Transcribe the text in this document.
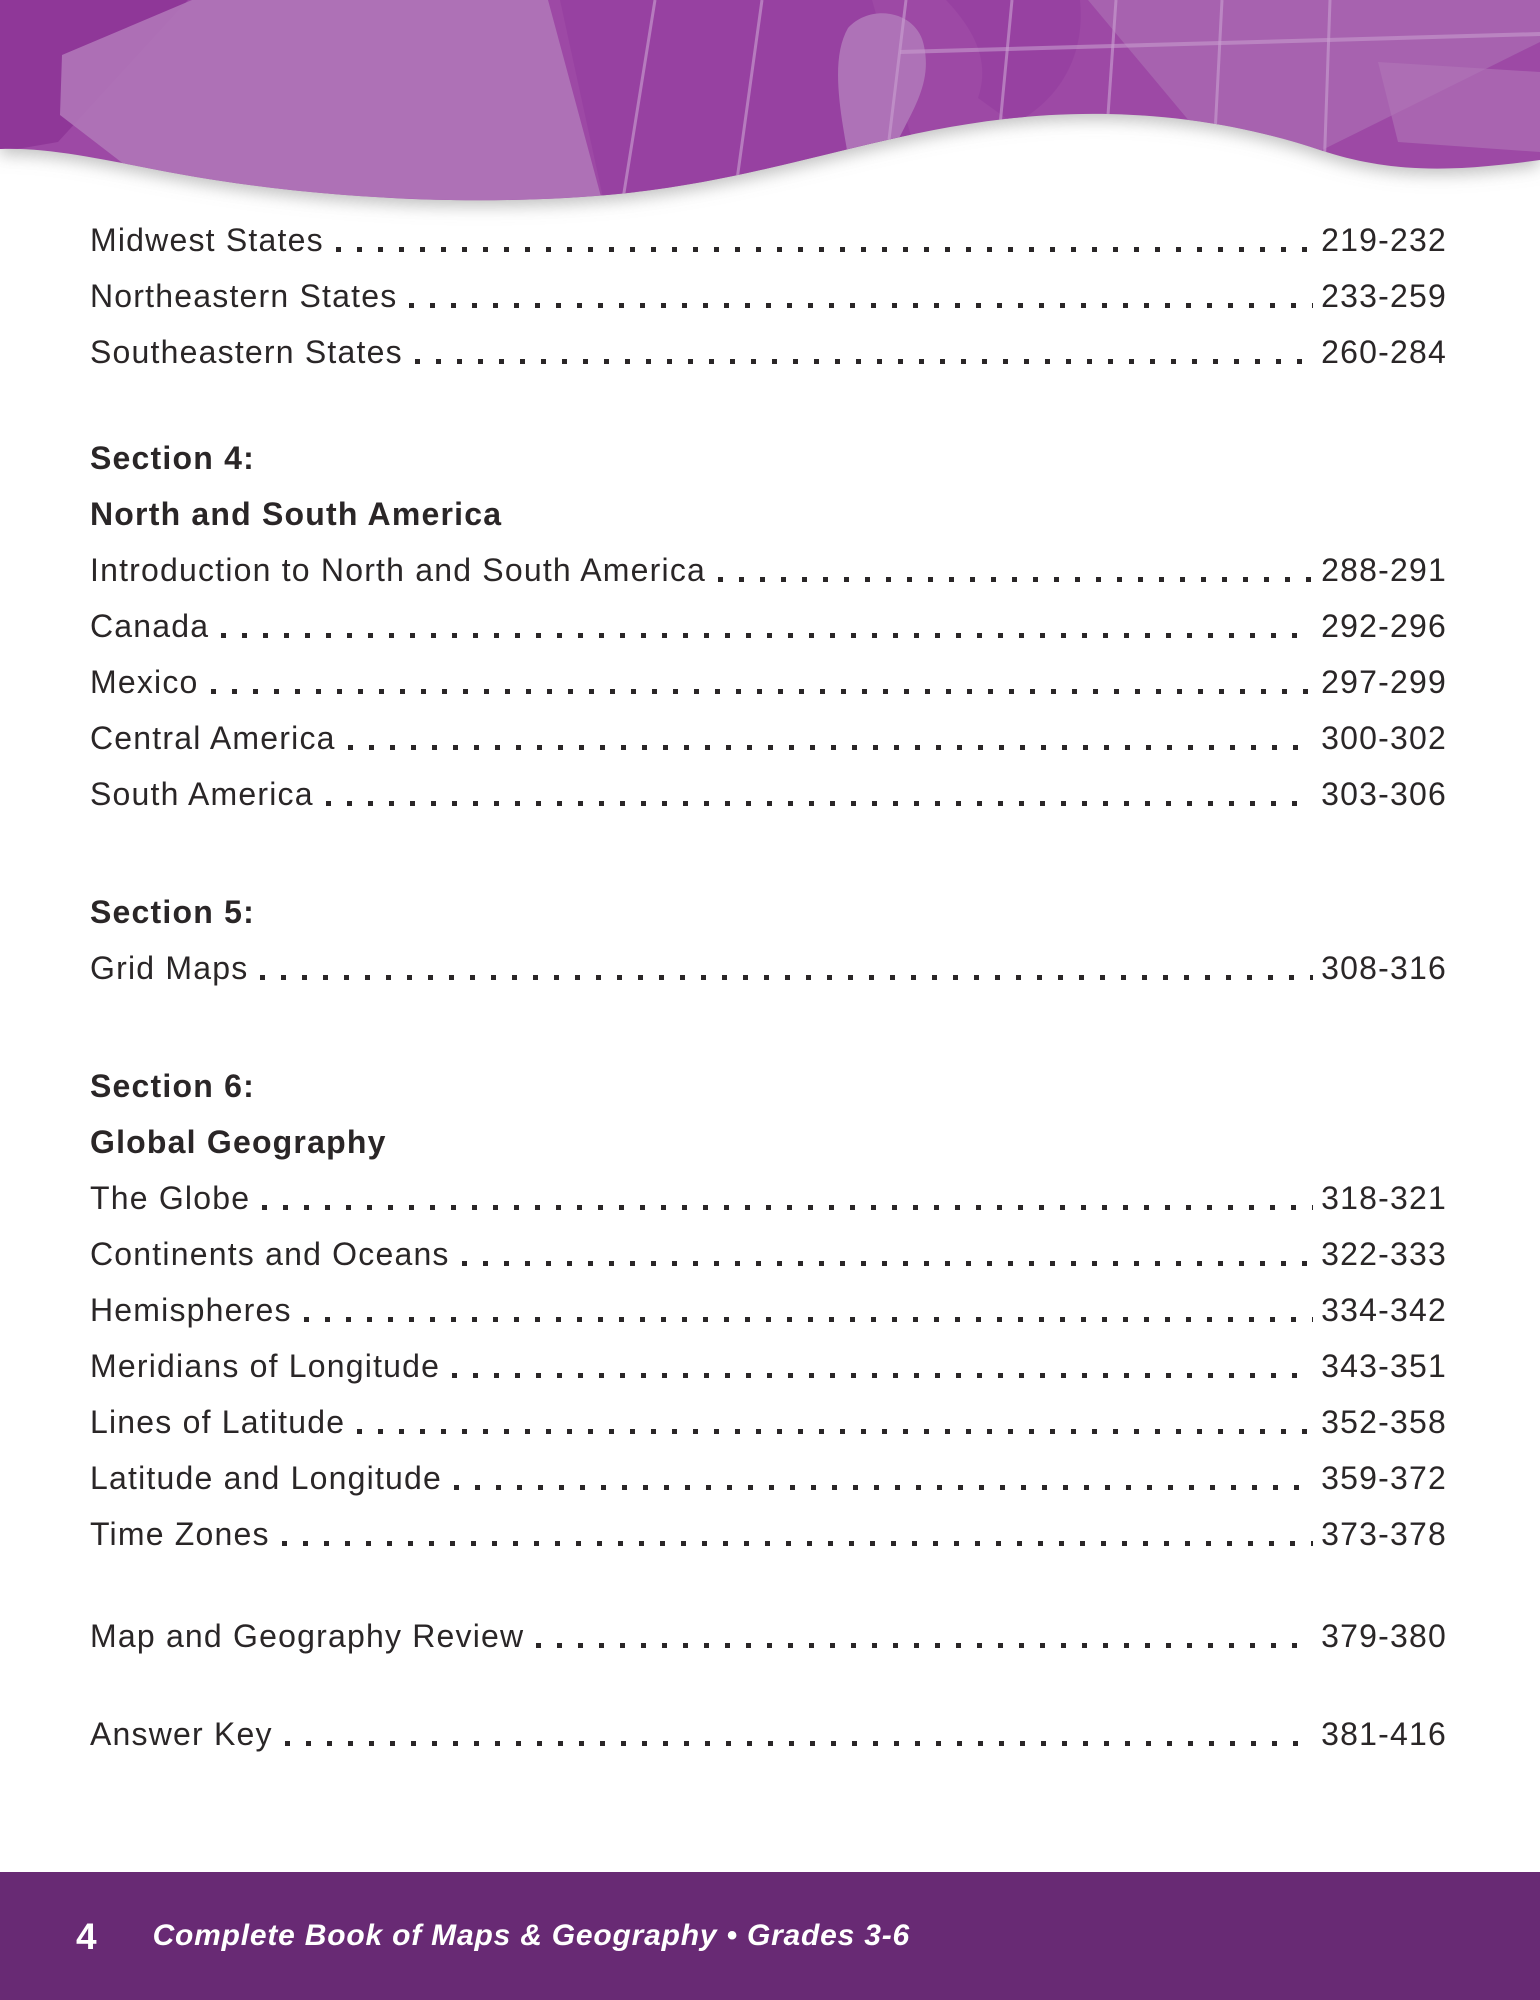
Midwest States	219-232
Northeastern States	233-259
Southeastern States	260-284
Section 4:
North and South America
Introduction to North and South America	288-291
Canada	292-296
Mexico	297-299
Central America	300-302
South America	303-306
Section 5:
Grid Maps	308-316
Section 6:
Global Geography
The Globe	318-321
Continents and Oceans	322-333
Hemispheres	334-342
Meridians of Longitude	343-351
Lines of Latitude	352-358
Latitude and Longitude	359-372
Time Zones	373-378
Map and Geography Review	379-380
Answer Key	381-416
4 Complete Book of Maps & Geography • Grades 3-6
